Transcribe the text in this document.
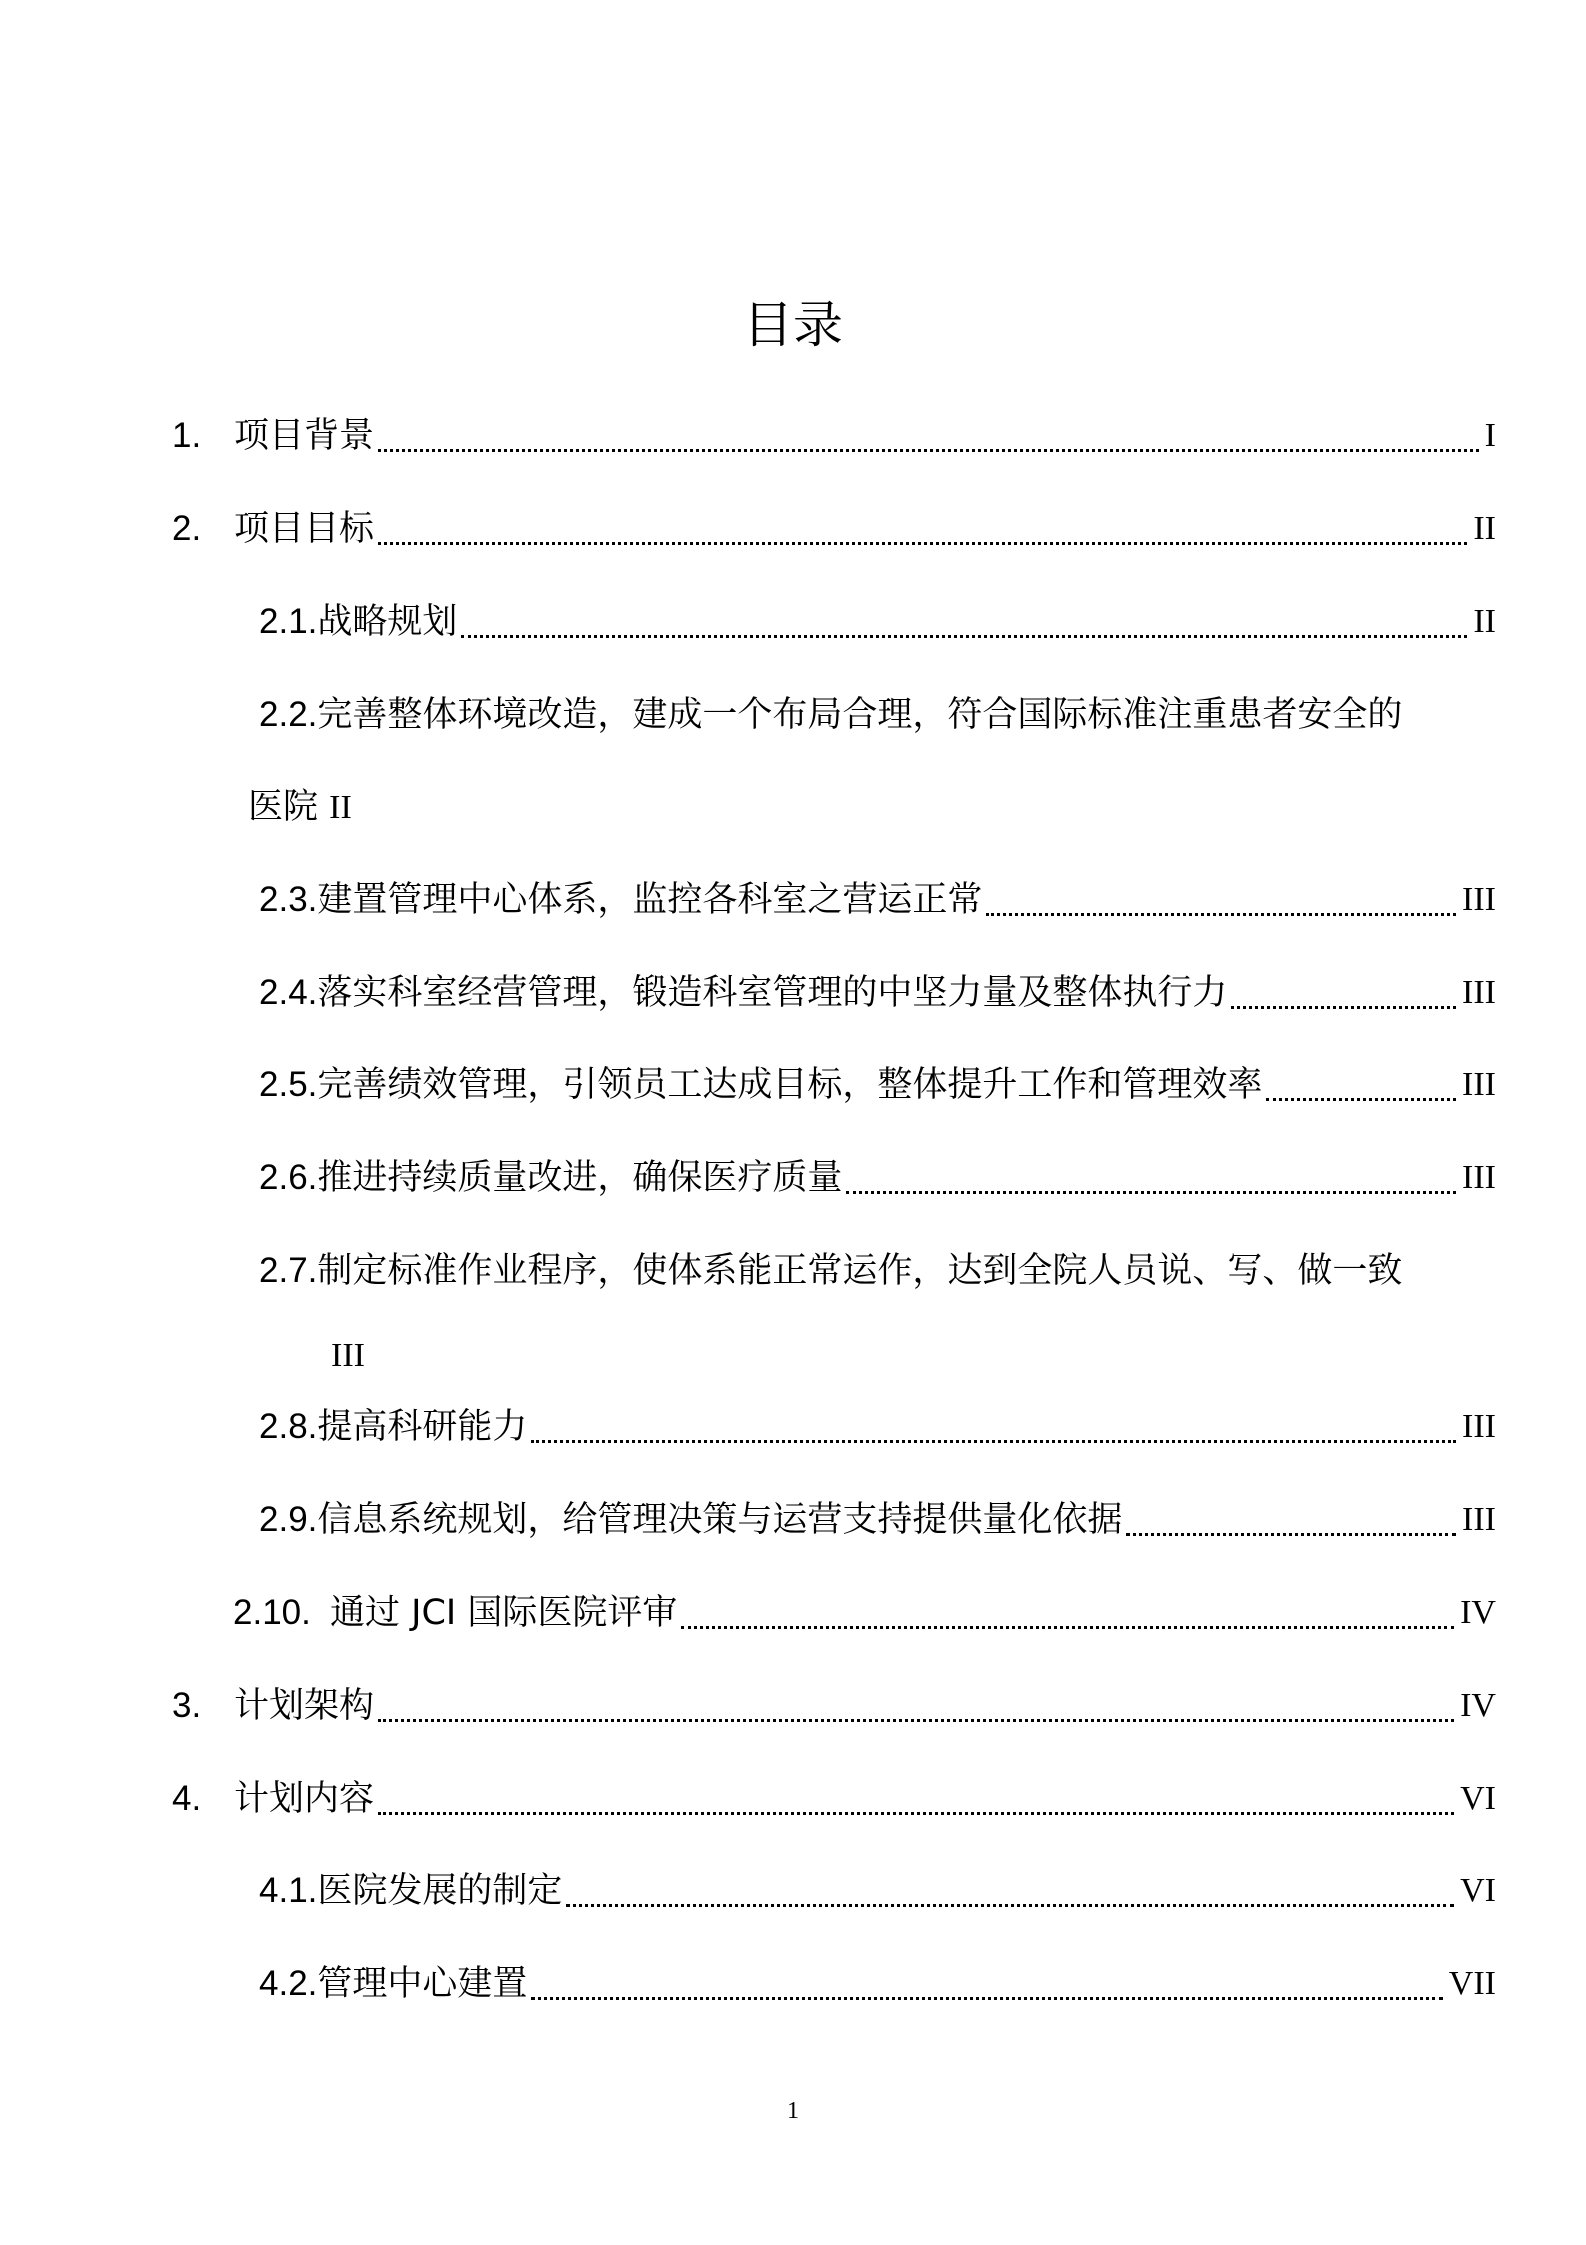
目录
1. 项目背景	I
2. 项目目标	II
2.1. 战略规划	II
2.2.完善整体环境改造，建成一个布局合理，符合国际标准注重患者安全的
医院 II
2.3. 建置管理中心体系，监控各科室之营运正常	III
2.4. 落实科室经营管理，锻造科室管理的中坚力量及整体执行力	III
2.5. 完善绩效管理，引领员工达成目标，整体提升工作和管理效率	III
2.6. 推进持续质量改进，确保医疗质量	III
2.7.制定标准作业程序，使体系能正常运作，达到全院人员说、写、做一致
III
2.8. 提高科研能力	III
2.9. 信息系统规划，给管理决策与运营支持提供量化依据	III
2.10. 通过 JCI 国际医院评审	IV
3. 计划架构	IV
4. 计划内容	VI
4.1. 医院发展的制定	VI
4.2. 管理中心建置	VII
1
